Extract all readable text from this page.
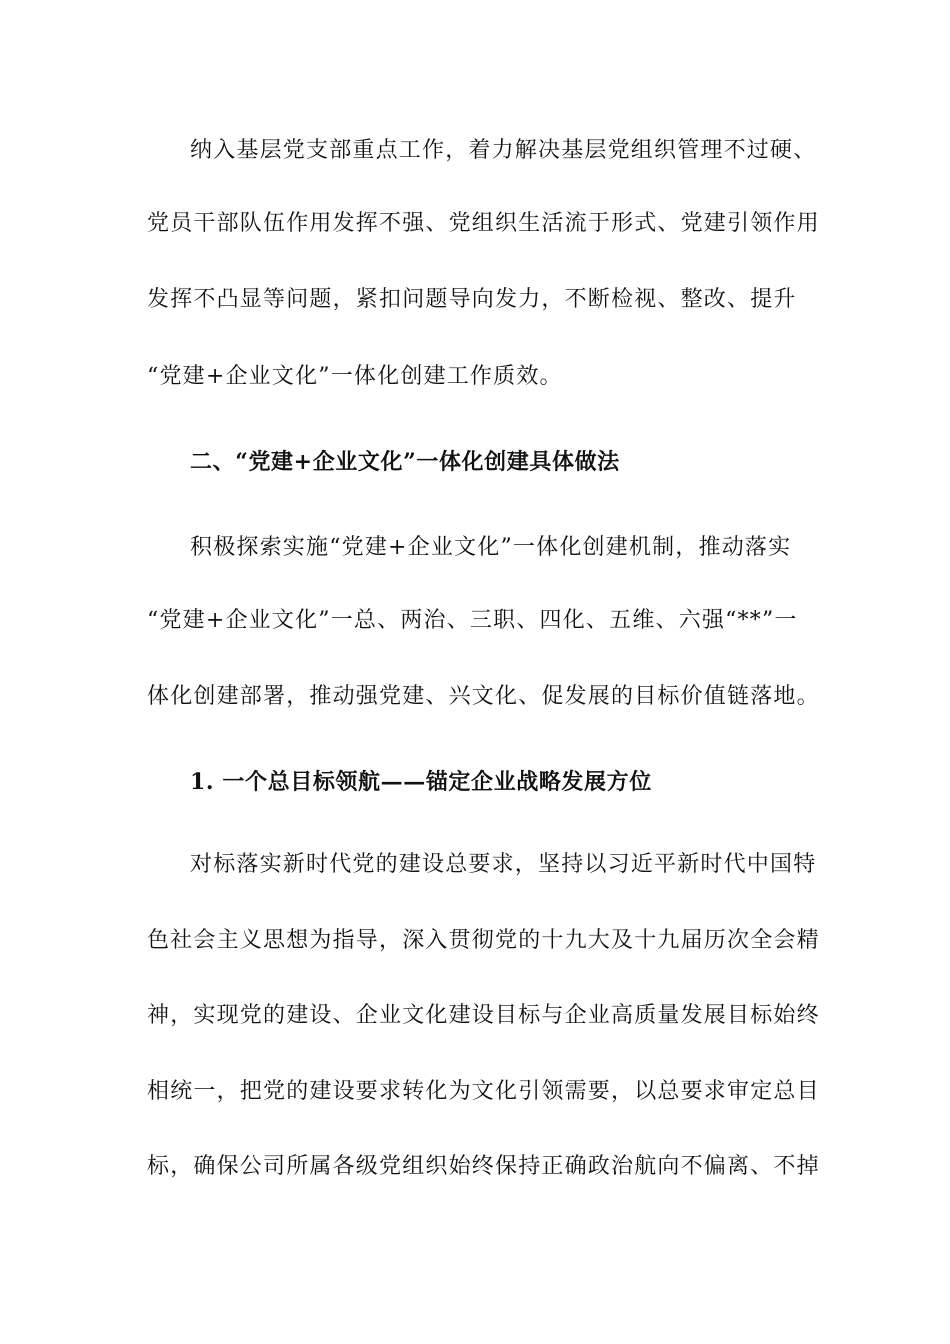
纳入基层党支部重点工作，着力解决基层党组织管理不过硬、
党员干部队伍作用发挥不强、党组织生活流于形式、党建引领作用
发挥不凸显等问题，紧扣问题导向发力，不断检视、整改、提升
“党建+企业文化”一体化创建工作质效。
二、“党建+企业文化”一体化创建具体做法
积极探索实施“党建+企业文化”一体化创建机制，推动落实
“党建+企业文化”一总、两治、三职、四化、五维、六强“**”一
体化创建部署，推动强党建、兴文化、促发展的目标价值链落地。
1. 一个总目标领航——锚定企业战略发展方位
对标落实新时代党的建设总要求，坚持以习近平新时代中国特
色社会主义思想为指导，深入贯彻党的十九大及十九届历次全会精
神，实现党的建设、企业文化建设目标与企业高质量发展目标始终
相统一，把党的建设要求转化为文化引领需要，以总要求审定总目
标，确保公司所属各级党组织始终保持正确政治航向不偏离、不掉
